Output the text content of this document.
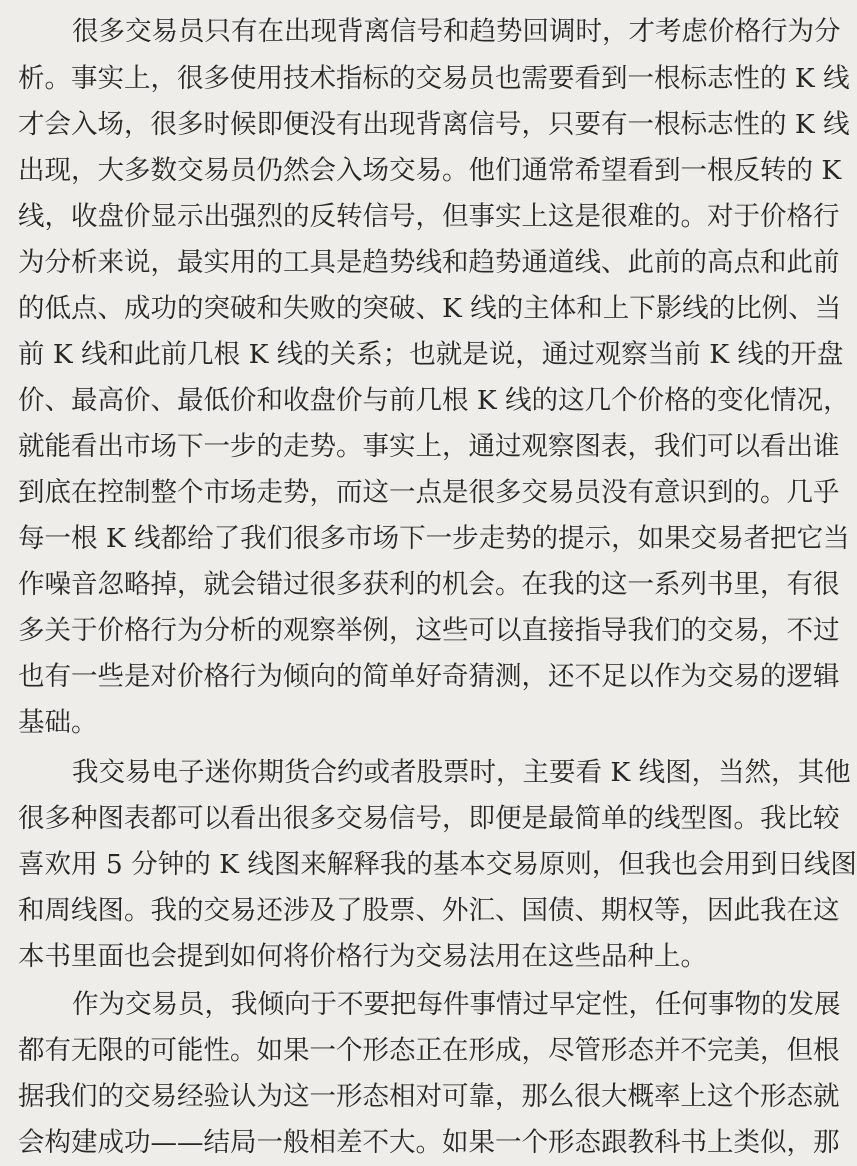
很多交易员只有在出现背离信号和趋势回调时，才考虑价格行为分
析。事实上，很多使用技术指标的交易员也需要看到一根标志性的 K 线
才会入场，很多时候即便没有出现背离信号，只要有一根标志性的 K 线
出现，大多数交易员仍然会入场交易。他们通常希望看到一根反转的 K
线，收盘价显示出强烈的反转信号，但事实上这是很难的。对于价格行
为分析来说，最实用的工具是趋势线和趋势通道线、此前的高点和此前
的低点、成功的突破和失败的突破、K 线的主体和上下影线的比例、当
前 K 线和此前几根 K 线的关系；也就是说，通过观察当前 K 线的开盘
价、最高价、最低价和收盘价与前几根 K 线的这几个价格的变化情况，
就能看出市场下一步的走势。事实上，通过观察图表，我们可以看出谁
到底在控制整个市场走势，而这一点是很多交易员没有意识到的。几乎
每一根 K 线都给了我们很多市场下一步走势的提示，如果交易者把它当
作噪音忽略掉，就会错过很多获利的机会。在我的这一系列书里，有很
多关于价格行为分析的观察举例，这些可以直接指导我们的交易，不过
也有一些是对价格行为倾向的简单好奇猜测，还不足以作为交易的逻辑
基础。
我交易电子迷你期货合约或者股票时，主要看 K 线图，当然，其他
很多种图表都可以看出很多交易信号，即便是最简单的线型图。我比较
喜欢用 5 分钟的 K 线图来解释我的基本交易原则，但我也会用到日线图
和周线图。我的交易还涉及了股票、外汇、国债、期权等，因此我在这
本书里面也会提到如何将价格行为交易法用在这些品种上。
作为交易员，我倾向于不要把每件事情过早定性，任何事物的发展
都有无限的可能性。如果一个形态正在形成，尽管形态并不完美，但根
据我们的交易经验认为这一形态相对可靠，那么很大概率上这个形态就
会构建成功——结局一般相差不大。如果一个形态跟教科书上类似，那
